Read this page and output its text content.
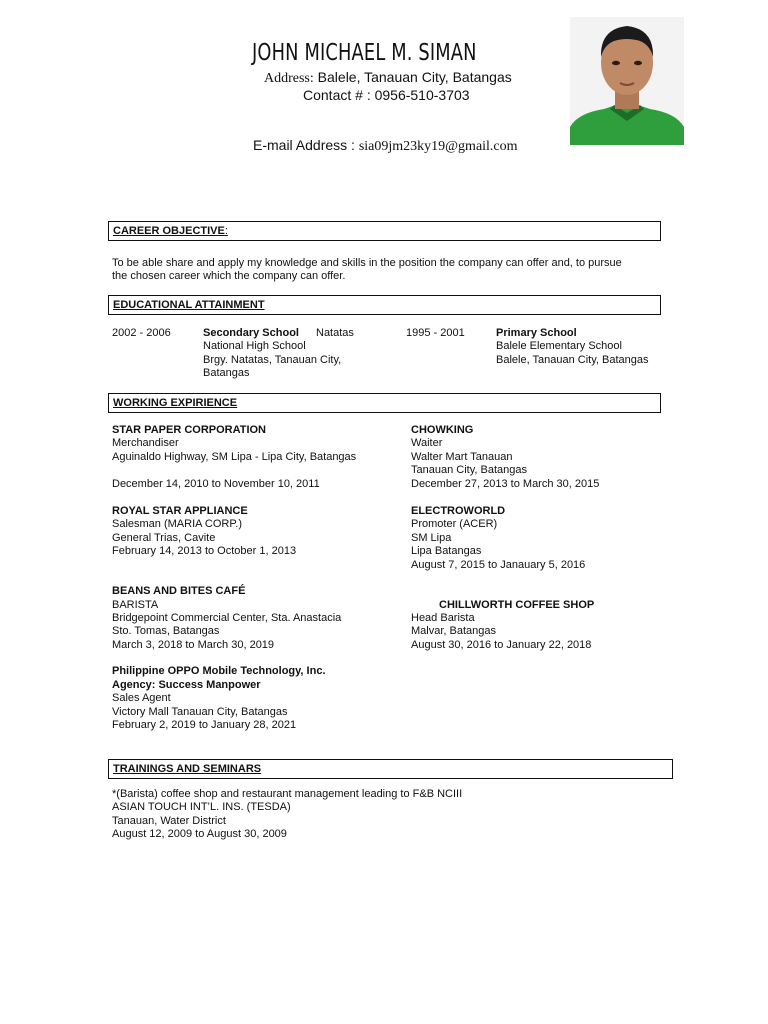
JOHN MICHAEL M. SIMAN
Address: Balele, Tanauan City, Batangas
Contact # : 0956-510-3703
E-mail Address : sia09jm23ky19@gmail.com
CAREER OBJECTIVE:
To be able share and apply my knowledge and skills in the position the company can offer and, to pursue
the chosen career which the company can offer.
EDUCATIONAL ATTAINMENT
2002 - 2006	Secondary School Natatas
National High School
Brgy. Natatas, Tanauan City,
Batangas
1995 - 2001	Primary School
Balele Elementary School
Balele, Tanauan City, Batangas
WORKING EXPIRIENCE
STAR PAPER CORPORATION
Merchandiser
Aguinaldo Highway, SM Lipa - Lipa City, Batangas
December 14, 2010 to November 10, 2011
ROYAL STAR APPLIANCE
Salesman (MARIA CORP.)
General Trias, Cavite
February 14, 2013 to October 1, 2013
BEANS AND BITES CAFÉ
BARISTA
Bridgepoint Commercial Center, Sta. Anastacia
Sto. Tomas, Batangas
March 3, 2018 to March 30, 2019
Philippine OPPO Mobile Technology, Inc.
Agency: Success Manpower
Sales Agent
Victory Mall Tanauan City, Batangas
February 2, 2019 to January 28, 2021
CHOWKING
Waiter
Walter Mart Tanauan
Tanauan City, Batangas
December 27, 2013 to March 30, 2015
ELECTROWORLD
Promoter (ACER)
SM Lipa
Lipa Batangas
August 7, 2015 to Janauary 5, 2016
CHILLWORTH COFFEE SHOP
Head Barista
Malvar, Batangas
August 30, 2016 to January 22, 2018
TRAININGS AND SEMINARS
*(Barista) coffee shop and restaurant management leading to F&B NCIII
ASIAN TOUCH INT’L. INS. (TESDA)
Tanauan, Water District
August 12, 2009 to August 30, 2009
